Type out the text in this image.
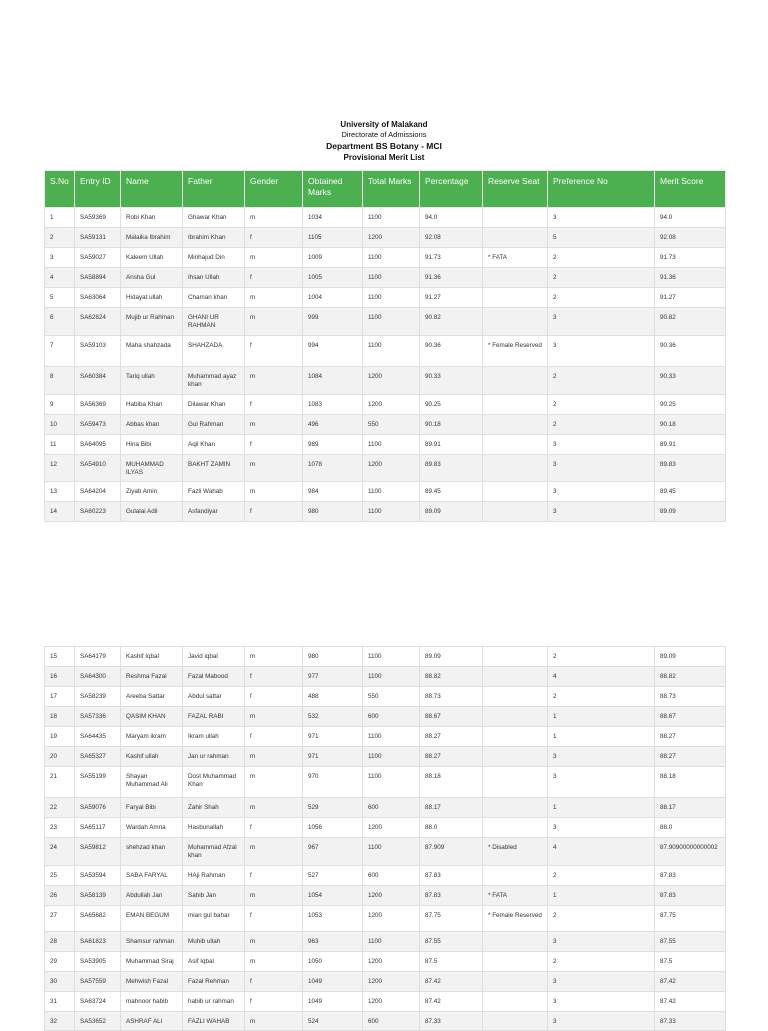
University of Malakand
Directorate of Admissions
Department BS Botany - MCI
Provisional Merit List
S.No	Entry ID	Name	Father	Gender	Obtained Marks	Total Marks	Percentage	Reserve Seat	Preference No	Merit Score
1	SA59369	Robi Khan	Ghawar Khan	m	1034	1100	94.0		3	94.0
2	SA59131	Malaika Ibrahim	Ibrahim Khan	f	1105	1200	92.08		5	92.08
3	SA59027	Kaleem Ullah	Minhajud Din	m	1009	1100	91.73	* FATA	2	91.73
4	SA58894	Ansha Gul	Ihsan Ullah	f	1005	1100	91.36		2	91.36
5	SA63064	Hidayat ullah	Chaman khan	m	1004	1100	91.27		2	91.27
6	SA62824	Mujib ur Rahman	GHANI UR RAHMAN	m	999	1100	90.82		3	90.82
7	SA59103	Maha shahzada	SHAHZADA	f	994	1100	90.36	* Female Reserved	3	90.36
8	SA60384	Tariq ullah	Muhammad ayaz khan	m	1084	1200	90.33		2	90.33
9	SA56369	Habiba Khan	Dilawar Khan	f	1083	1200	90.25		2	90.25
10	SA59473	Abbas khan	Gul Rahman	m	496	550	90.18		2	90.18
11	SA64095	Hina Bibi	Aqil Khan	f	989	1100	89.91		3	89.91
12	SA54910	MUHAMMAD ILYAS	BAKHT ZAMIN	m	1078	1200	89.83		3	89.83
13	SA64204	Ziyab Amin	Fazli Wahab	m	984	1100	89.45		3	89.45
14	SA60223	Gulalai Adil	Asfandiyar	f	980	1100	89.09		3	89.09
15	SA64179	Kashif Iqbal	Javid iqbal	m	980	1100	89.09		2	89.09
16	SA64300	Reshma Fazal	Fazal Mabood	f	977	1100	88.82		4	88.82
17	SA58239	Areeba Sattar	Abdul sattar	f	488	550	88.73		2	88.73
18	SA57336	QASIM KHAN	FAZAL RABI	m	532	600	88.67		1	88.67
19	SA64435	Maryam ikram	Ikram ullah	f	971	1100	88.27		1	88.27
20	SA65327	Kashif ullah	Jan ur rahman	m	971	1100	88.27		3	88.27
21	SA55199	Shayan Muhammad Ali	Dost Muhammad Khan	m	970	1100	88.18		3	88.18
22	SA59076	Faryal Bibi	Zahir Shah	m	529	600	88.17		1	88.17
23	SA65117	Wardah Amna	Hasbunallah	f	1056	1200	88.0		3	88.0
24	SA59812	shehzad khan	Muhammad Afzal khan	m	967	1100	87.909	* Disabled	4	87.90900000000002
25	SA53594	SABA FARYAL	HAji Rahman	f	527	600	87.83		2	87.83
26	SA58139	Abdullah Jan	Sahib Jan	m	1054	1200	87.83	* FATA	1	87.83
27	SA65682	EMAN BEGUM	mian gul bahar	f	1053	1200	87.75	* Female Reserved	2	87.75
28	SA61823	Shamsur rahman	Muhib ullah	m	963	1100	87.55		3	87.55
29	SA53905	Muhammad Siraj	Asif Iqbal	m	1050	1200	87.5		2	87.5
30	SA57559	Mehwish Fazal	Fazal Rehman	f	1049	1200	87.42		3	87.42
31	SA63724	mahnoor habib	habib ur rahman	f	1049	1200	87.42		3	87.42
32	SA53652	ASHRAF ALI	FAZLI WAHAB	m	524	600	87.33		3	87.33
